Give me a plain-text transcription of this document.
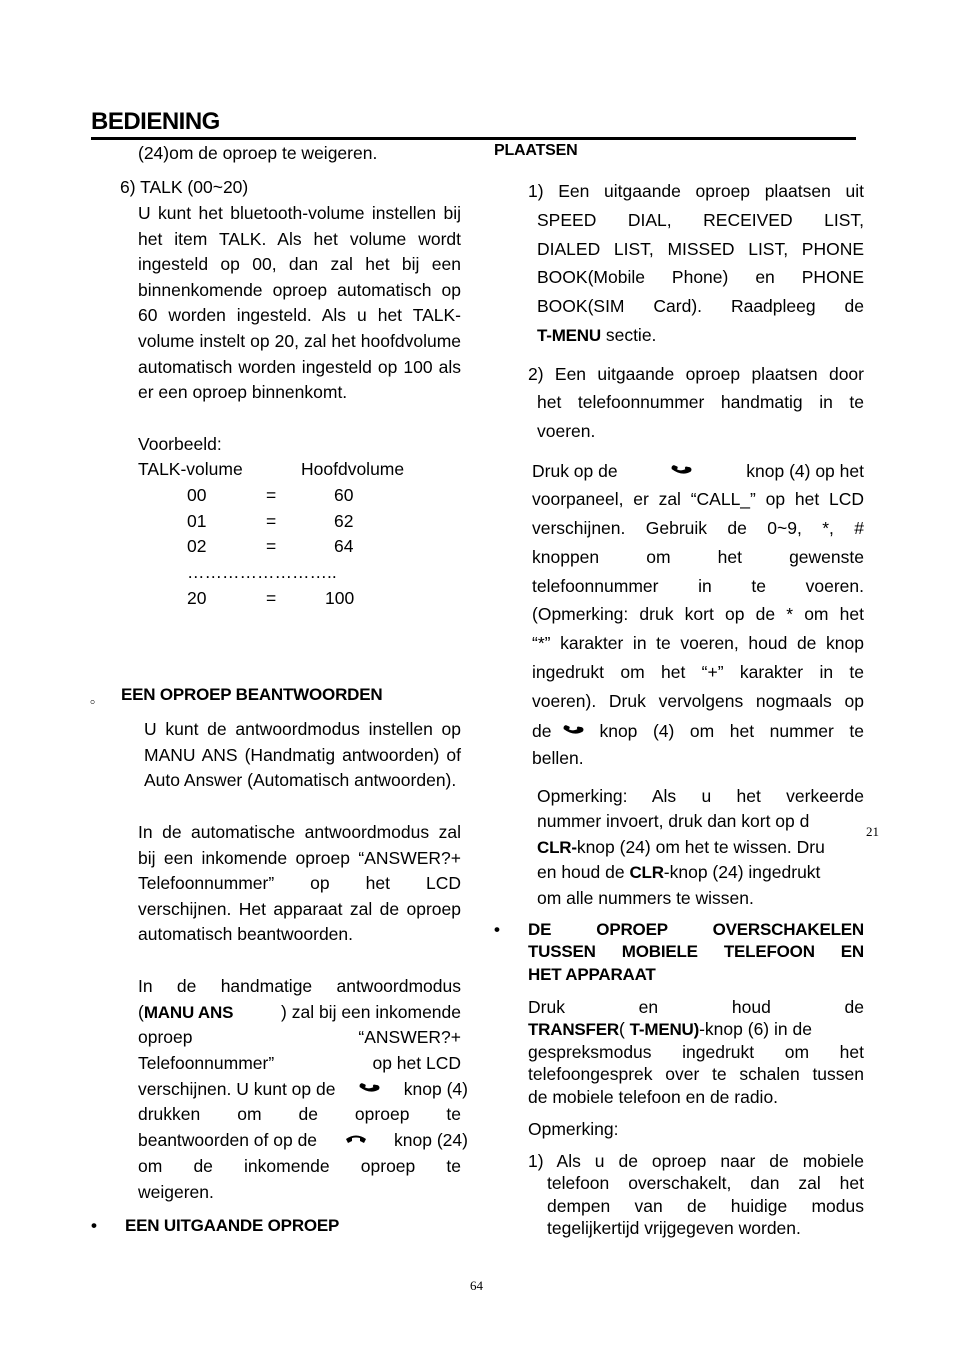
BEDIENING
(24)om de oproep te weigeren.
6) TALK (00~20)
U kunt het bluetooth-volume instellen bij het item TALK. Als het volume wordt ingesteld op 00, dan zal het bij een binnenkomende oproep automatisch op 60 worden ingesteld. Als u het TALK-volume instelt op 20, zal het hoofdvolume automatisch worden ingesteld op 100 als er een oproep binnenkomt.
Voorbeeld:
TALK-volume	Hoofdvolume
00	=	60
01	=	62
02	=	64
……………………..
20	=	100
。 EEN OPROEP BEANTWOORDEN
U kunt de antwoordmodus instellen op MANU ANS (Handmatig antwoorden) of Auto Answer (Automatisch antwoorden).
In de automatische antwoordmodus zal bij een inkomende oproep “ANSWER?+ Telefoonnummer” op het LCD verschijnen. Het apparaat zal de oproep automatisch beantwoorden.
In de handmatige antwoordmodus
(MANU ANS	) zal bij een inkomende
oproep	“ANSWER?+
Telefoonnummer”	op het LCD
verschijnen. U kunt op de	knop (4)
drukken om de oproep te
beantwoorden of op de	knop (24)
om de inkomende oproep te
weigeren.
• EEN UITGAANDE OPROEP
PLAATSEN
1) Een uitgaande oproep plaatsen uit
SPEED DIAL, RECEIVED LIST,
DIALED LIST, MISSED LIST, PHONE
BOOK(Mobile Phone) en PHONE
BOOK(SIM Card). Raadpleeg de
T-MENU sectie.
2) Een uitgaande oproep plaatsen door
het telefoonnummer handmatig in te
voeren.
Druk op de	knop (4) op het
voorpaneel, er zal “CALL_” op het LCD
verschijnen. Gebruik de 0~9, *, #
knoppen om het gewenste
telefoonnummer in te voeren.
(Opmerking: druk kort op de * om het
“*” karakter in te voeren, houd de knop
ingedrukt om het “+” karakter in te
voeren). Druk vervolgens nogmaals op
de	knop (4) om het nummer te
bellen.
Opmerking: Als u het verkeerde
nummer invoert, druk dan kort op d
CLR-knop (24) om het te wissen. Dru
en houd de CLR-knop (24) ingedrukt
om alle nummers te wissen.
21
• DE OPROEP OVERSCHAKELEN
TUSSEN MOBIELE TELEFOON EN
HET APPARAAT
Druk en houd de
TRANSFER( T-MENU)-knop (6) in de
gespreksmodus ingedrukt om het
telefoongesprek over te schalen tussen
de mobiele telefoon en de radio.
Opmerking:
1) Als u de oproep naar de mobiele
telefoon overschakelt, dan zal het
dempen van de huidige modus
tegelijkertijd vrijgegeven worden.
64
